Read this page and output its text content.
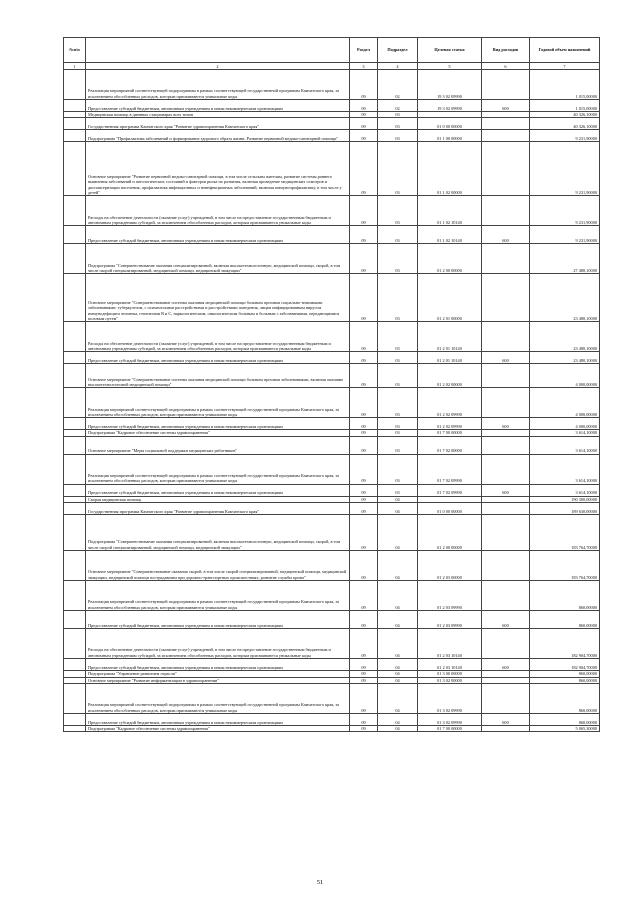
№п/п		Раздел	Подраздел	Целевая статья	Вид расходов	Годовой объем назначений
1	2	3	4	5	6	7
	Реализация мероприятий соответствующей подпрограммы в рамках соответствующей государственной программы Камчатского края, за исключением обособленных расходов, которым присваиваются уникальные коды	09	02	19 3 02 09990		1 015,00000
	Предоставление субсидий бюджетным, автономным учреждениям и иным некоммерческим организациям	09	02	19 3 02 09990	600	1 015,00000
	Медицинская помощь в дневных стационарах всех типов	09	03			40 326,10000
	Государственная программа Камчатского края "Развитие здравоохранения Камчатского края"	09	03	01 0 00 00000		40 326,10000
	Подпрограмма "Профилактика заболеваний и формирование здорового образа жизни. Развитие первичной медико-санитарной помощи"	09	03	01 1 00 00000		9 231,90000
	Основное мероприятие "Развитие первичной медико-санитарной помощи, в том числе сельским жителям, развитие системы раннего выявления заболеваний и патологических состояний и факторов риска их развития, включая проведение медицинских осмотров и диспансеризации населения, профилактика инфекционных и неинфекционных заболеваний, включая иммунопрофилактику, в том числе у детей"	09	03	01 1 02 00000		9 231,90000
	Расходы на обеспечение деятельности (оказание услуг) учреждений, в том числе на предоставление государственным бюджетным и автономным учреждениям субсидий, за исключением обособленных расходов, которым присваиваются уникальные коды	09	03	01 1 02 10140		9 231,90000
	Предоставление субсидий бюджетным, автономным учреждениям и иным некоммерческим организациям	09	03	01 1 02 10140	600	9 231,90000
	Подпрограмма "Совершенствование оказания специализированной, включая высокотехнологичную, медицинской помощи, скорой, в том числе скорой специализированной, медицинской помощи, медицинской эвакуации"	09	03	01 2 00 00000		27 480,10000
	Основное мероприятие "Совершенствование системы оказания медицинской помощи больным прочими социально-значимыми заболеваниями: туберкулезом, с психическими расстройствами и расстройствами поведения, лицам инфицированным вирусом иммунодефицита человека, гепатитами В и С, наркологическим, онкологическим больным и больным с заболеваниями, передающимися половым путем"	09	03	01 2 01 00000		23 480,10000
	Расходы на обеспечение деятельности (оказание услуг) учреждений, в том числе на предоставление государственным бюджетным и автономным учреждениям субсидий, за исключением обособленных расходов, которым присваиваются уникальные коды	09	03	01 2 01 10140		23 480,10000
	Предоставление субсидий бюджетным, автономным учреждениям и иным некоммерческим организациям	09	03	01 2 01 10140	600	23 480,10000
	Основное мероприятие "Совершенствование системы оказания медицинской помощи больным прочими заболеваниями, включая оказание высокотехнологичной медицинской помощи"	09	03	01 2 02 00000		4 000,00000
	Реализация мероприятий соответствующей подпрограммы в рамках соответствующей государственной программы Камчатского края, за исключением обособленных расходов, которым присваиваются уникальные коды	09	03	01 2 02 09990		4 000,00000
	Предоставление субсидий бюджетным, автономным учреждениям и иным некоммерческим организациям	09	03	01 2 02 09990	600	4 000,00000
	Подпрограмма "Кадровое обеспечение системы здравоохранения"	09	03	01 7 00 00000		3 614,10000
	Основное мероприятие "Меры социальной поддержки медицинских работников"	09	03	01 7 02 00000		3 614,10000
	Реализация мероприятий соответствующей подпрограммы в рамках соответствующей государственной программы Камчатского края, за исключением обособленных расходов, которым присваиваются уникальные коды	09	03	01 7 02 09990		3 614,10000
	Предоставление субсидий бюджетным, автономным учреждениям и иным некоммерческим организациям	09	03	01 7 02 09990	600	3 614,10000
	Скорая медицинская помощь	09	04			190 300,00000
	Государственная программа Камчатского края "Развитие здравоохранения Камчатского края"	09	04	01 0 00 00000		189 630,00000
	Подпрограмма "Совершенствование оказания специализированной, включая высокотехнологичную, медицинской помощи, скорой, в том числе скорой специализированной, медицинской помощи, медицинской эвакуации"	09	04	01 2 00 00000		183 764,70000
	Основное мероприятие "Совершенствование оказания скорой, в том числе скорой специализированной, медицинской помощи, медицинской эвакуации, медицинской помощи пострадавшим при дорожно-транспортных происшествиях, развитие службы крови"	09	04	01 2 03 00000		183 764,70000
	Реализация мероприятий соответствующей подпрограммы в рамках соответствующей государственной программы Камчатского края, за исключением обособленных расходов, которым присваиваются уникальные коды	09	04	01 2 03 09990		860,00000
	Предоставление субсидий бюджетным, автономным учреждениям и иным некоммерческим организациям	09	04	01 2 03 09990	600	860,00000
	Расходы на обеспечение деятельности (оказание услуг) учреждений, в том числе на предоставление государственным бюджетным и автономным учреждениям субсидий, за исключением обособленных расходов, которым присваиваются уникальные коды	09	04	01 2 03 10140		182 904,70000
	Предоставление субсидий бюджетным, автономным учреждениям и иным некоммерческим организациям	09	04	01 2 03 10140	600	182 904,70000
	Подпрограмма "Управление развитием отрасли"	09	04	01 3 00 00000		860,00000
	Основное мероприятие "Развитие информатизации в здравоохранении"	09	04	01 3 02 00000		860,00000
	Реализация мероприятий соответствующей подпрограммы в рамках соответствующей государственной программы Камчатского края, за исключением обособленных расходов, которым присваиваются уникальные коды	09	04	01 3 02 09990		860,00000
	Предоставление субсидий бюджетным, автономным учреждениям и иным некоммерческим организациям	09	04	01 3 02 09990	600	860,00000
	Подпрограмма "Кадровое обеспечение системы здравоохранения"	09	04	01 7 00 00000		5 065,30000
51
